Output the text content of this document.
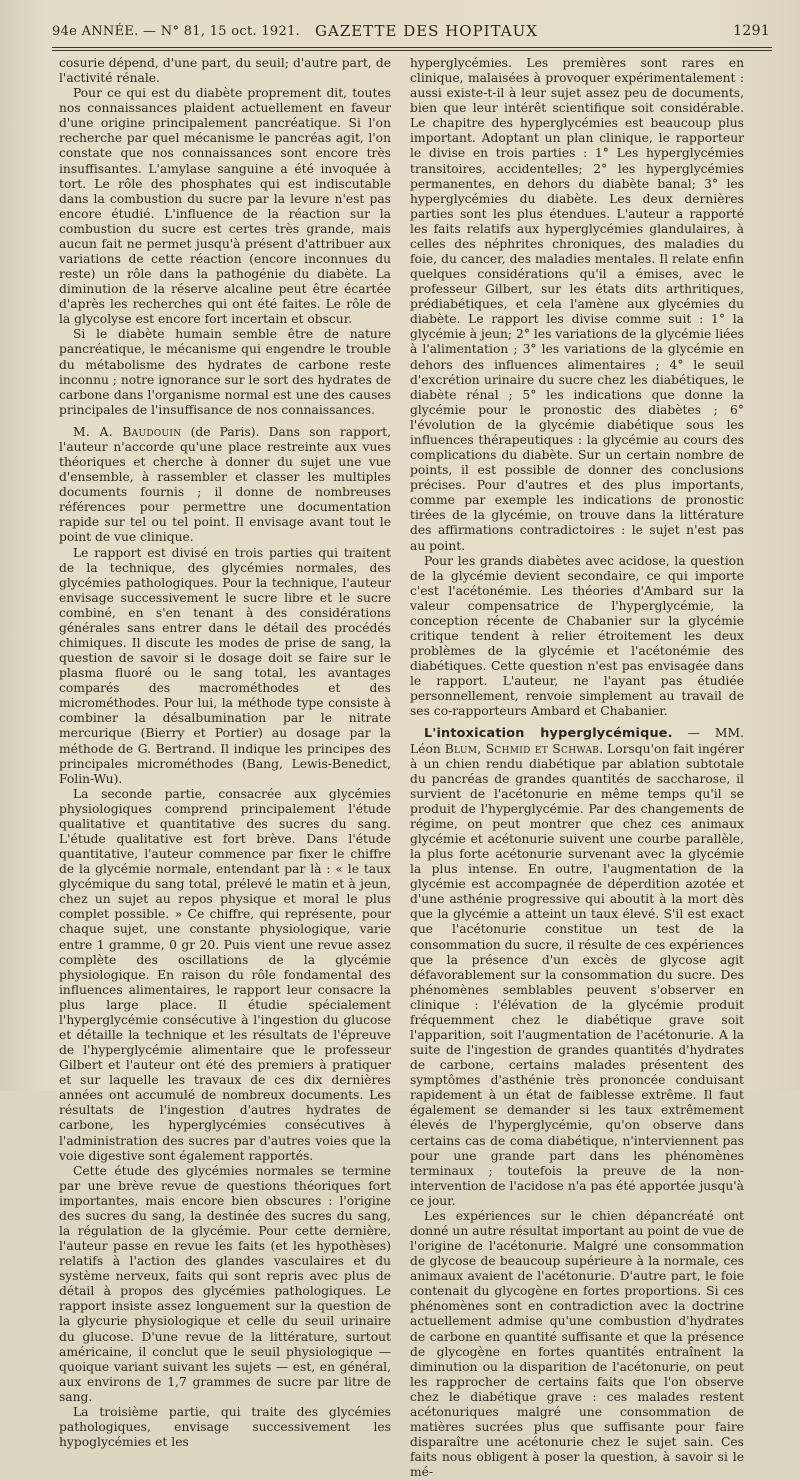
94e ANNÉE. — N° 81, 15 oct. 1921. GAZETTE DES HOPITAUX	1291

cosurie dépend, d'une part, du seuil; d'autre part, de l'activité rénale.

Pour ce qui est du diabète proprement dit, toutes nos connaissances plaident actuellement en faveur d'une origine principalement pancréatique. Si l'on recherche par quel mécanisme le pancréas agit, l'on constate que nos connaissances sont encore très insuffisantes. L'amylase sanguine a été invoquée à tort. Le rôle des phosphates qui est indiscutable dans la combustion du sucre par la levure n'est pas encore étudié. L'influence de la réaction sur la combustion du sucre est certes très grande, mais aucun fait ne permet jusqu'à présent d'attribuer aux variations de cette réaction (encore inconnues du reste) un rôle dans la pathogénie du diabète. La diminution de la réserve alcaline peut être écartée d'après les recherches qui ont été faites. Le rôle de la glycolyse est encore fort incertain et obscur.

Si le diabète humain semble être de nature pancréatique, le mécanisme qui engendre le trouble du métabolisme des hydrates de carbone reste inconnu ; notre ignorance sur le sort des hydrates de carbone dans l'organisme normal est une des causes principales de l'insuffisance de nos connaissances.

M. A. Baudouin (de Paris). Dans son rapport, l'auteur n'accorde qu'une place restreinte aux vues théoriques et cherche à donner du sujet une vue d'ensemble, à rassembler et classer les multiples documents fournis ; il donne de nombreuses références pour permettre une documentation rapide sur tel ou tel point. Il envisage avant tout le point de vue clinique.

Le rapport est divisé en trois parties qui traitent de la technique, des glycémies normales, des glycémies pathologiques. Pour la technique, l'auteur envisage successivement le sucre libre et le sucre combiné, en s'en tenant à des considérations générales sans entrer dans le détail des procédés chimiques. Il discute les modes de prise de sang, la question de savoir si le dosage doit se faire sur le plasma fluoré ou le sang total, les avantages comparés des macrométhodes et des microméthodes. Pour lui, la méthode type consiste à combiner la désalbumination par le nitrate mercurique (Bierry et Portier) au dosage par la méthode de G. Bertrand. Il indique les principes des principales microméthodes (Bang, Lewis-Benedict, Folin-Wu).

La seconde partie, consacrée aux glycémies physiologiques comprend principalement l'étude qualitative et quantitative des sucres du sang. L'étude qualitative est fort brève. Dans l'étude quantitative, l'auteur commence par fixer le chiffre de la glycémie normale, entendant par là : « le taux glycémique du sang total, prélevé le matin et à jeun, chez un sujet au repos physique et moral le plus complet possible. » Ce chiffre, qui représente, pour chaque sujet, une constante physiologique, varie entre 1 gramme, 0 gr 20. Puis vient une revue assez complète des oscillations de la glycémie physiologique. En raison du rôle fondamental des influences alimentaires, le rapport leur consacre la plus large place. Il étudie spécialement l'hyperglycémie consécutive à l'ingestion du glucose et détaille la technique et les résultats de l'épreuve de l'hyperglycémie alimentaire que le professeur Gilbert et l'auteur ont été des premiers à pratiquer et sur laquelle les travaux de ces dix dernières années ont accumulé de nombreux documents. Les résultats de l'ingestion d'autres hydrates de carbone, les hyperglycémies consécutives à l'administration des sucres par d'autres voies que la voie digestive sont également rapportés.

Cette étude des glycémies normales se termine par une brève revue de questions théoriques fort importantes, mais encore bien obscures : l'origine des sucres du sang, la destinée des sucres du sang, la régulation de la glycémie. Pour cette dernière, l'auteur passe en revue les faits (et les hypothèses) relatifs à l'action des glandes vasculaires et du système nerveux, faits qui sont repris avec plus de détail à propos des glycémies pathologiques. Le rapport insiste assez longuement sur la question de la glycurie physiologique et celle du seuil urinaire du glucose. D'une revue de la littérature, surtout américaine, il conclut que le seuil physiologique — quoique variant suivant les sujets — est, en général, aux environs de 1,7 grammes de sucre par litre de sang.

La troisième partie, qui traite des glycémies pathologiques, envisage successivement les hypoglycémies et les

hyperglycémies. Les premières sont rares en clinique, malaisées à provoquer expérimentalement : aussi existe-t-il à leur sujet assez peu de documents, bien que leur intérêt scientifique soit considérable. Le chapitre des hyperglycémies est beaucoup plus important. Adoptant un plan clinique, le rapporteur le divise en trois parties : 1° Les hyperglycémies transitoires, accidentelles; 2° les hyperglycémies permanentes, en dehors du diabète banal; 3° les hyperglycémies du diabète. Les deux dernières parties sont les plus étendues. L'auteur a rapporté les faits relatifs aux hyperglycémies glandulaires, à celles des néphrites chroniques, des maladies du foie, du cancer, des maladies mentales. Il relate enfin quelques considérations qu'il a émises, avec le professeur Gilbert, sur les états dits arthritiques, prédiabétiques, et cela l'amène aux glycémies du diabète. Le rapport les divise comme suit : 1° la glycémie à jeun; 2° les variations de la glycémie liées à l'alimentation ; 3° les variations de la glycémie en dehors des influences alimentaires ; 4° le seuil d'excrétion urinaire du sucre chez les diabétiques, le diabète rénal ; 5° les indications que donne la glycémie pour le pronostic des diabètes ; 6° l'évolution de la glycémie diabétique sous les influences thérapeutiques : la glycémie au cours des complications du diabète. Sur un certain nombre de points, il est possible de donner des conclusions précises. Pour d'autres et des plus importants, comme par exemple les indications de pronostic tirées de la glycémie, on trouve dans la littérature des affirmations contradictoires : le sujet n'est pas au point.

Pour les grands diabètes avec acidose, la question de la glycémie devient secondaire, ce qui importe c'est l'acétonémie. Les théories d'Ambard sur la valeur compensatrice de l'hyperglycémie, la conception récente de Chabanier sur la glycémie critique tendent à relier étroitement les deux problèmes de la glycémie et l'acétonémie des diabétiques. Cette question n'est pas envisagée dans le rapport. L'auteur, ne l'ayant pas étudiée personnellement, renvoie simplement au travail de ses co-rapporteurs Ambard et Chabanier.

L'intoxication hyperglycémique. — MM. Léon Blum, Schmid et Schwab. Lorsqu'on fait ingérer à un chien rendu diabétique par ablation subtotale du pancréas de grandes quantités de saccharose, il survient de l'acétonurie en même temps qu'il se produit de l'hyperglycémie. Par des changements de régime, on peut montrer que chez ces animaux glycémie et acétonurie suivent une courbe parallèle, la plus forte acétonurie survenant avec la glycémie la plus intense. En outre, l'augmentation de la glycémie est accompagnée de déperdition azotée et d'une asthénie progressive qui aboutit à la mort dès que la glycémie a atteint un taux élevé. S'il est exact que l'acétonurie constitue un test de la consommation du sucre, il résulte de ces expériences que la présence d'un excès de glycose agit défavorablement sur la consommation du sucre. Des phénomènes semblables peuvent s'observer en clinique : l'élévation de la glycémie produit fréquemment chez le diabétique grave soit l'apparition, soit l'augmentation de l'acétonurie. A la suite de l'ingestion de grandes quantités d'hydrates de carbone, certains malades présentent des symptômes d'asthénie très prononcée conduisant rapidement à un état de faiblesse extrême. Il faut également se demander si les taux extrêmement élevés de l'hyperglycémie, qu'on observe dans certains cas de coma diabétique, n'interviennent pas pour une grande part dans les phénomènes terminaux ; toutefois la preuve de la non-intervention de l'acidose n'a pas été apportée jusqu'à ce jour.

Les expériences sur le chien dépancréaté ont donné un autre résultat important au point de vue de l'origine de l'acétonurie. Malgré une consommation de glycose de beaucoup supérieure à la normale, ces animaux avaient de l'acétonurie. D'autre part, le foie contenait du glycogène en fortes proportions. Si ces phénomènes sont en contradiction avec la doctrine actuellement admise qu'une combustion d'hydrates de carbone en quantité suffisante et que la présence de glycogène en fortes quantités entraînent la diminution ou la disparition de l'acétonurie, on peut les rapprocher de certains faits que l'on observe chez le diabétique grave : ces malades restent acétonuriques malgré une consommation de matières sucrées plus que suffisante pour faire disparaître une acétonurie chez le sujet sain. Ces faits nous obligent à poser la question, à savoir si le mé-
